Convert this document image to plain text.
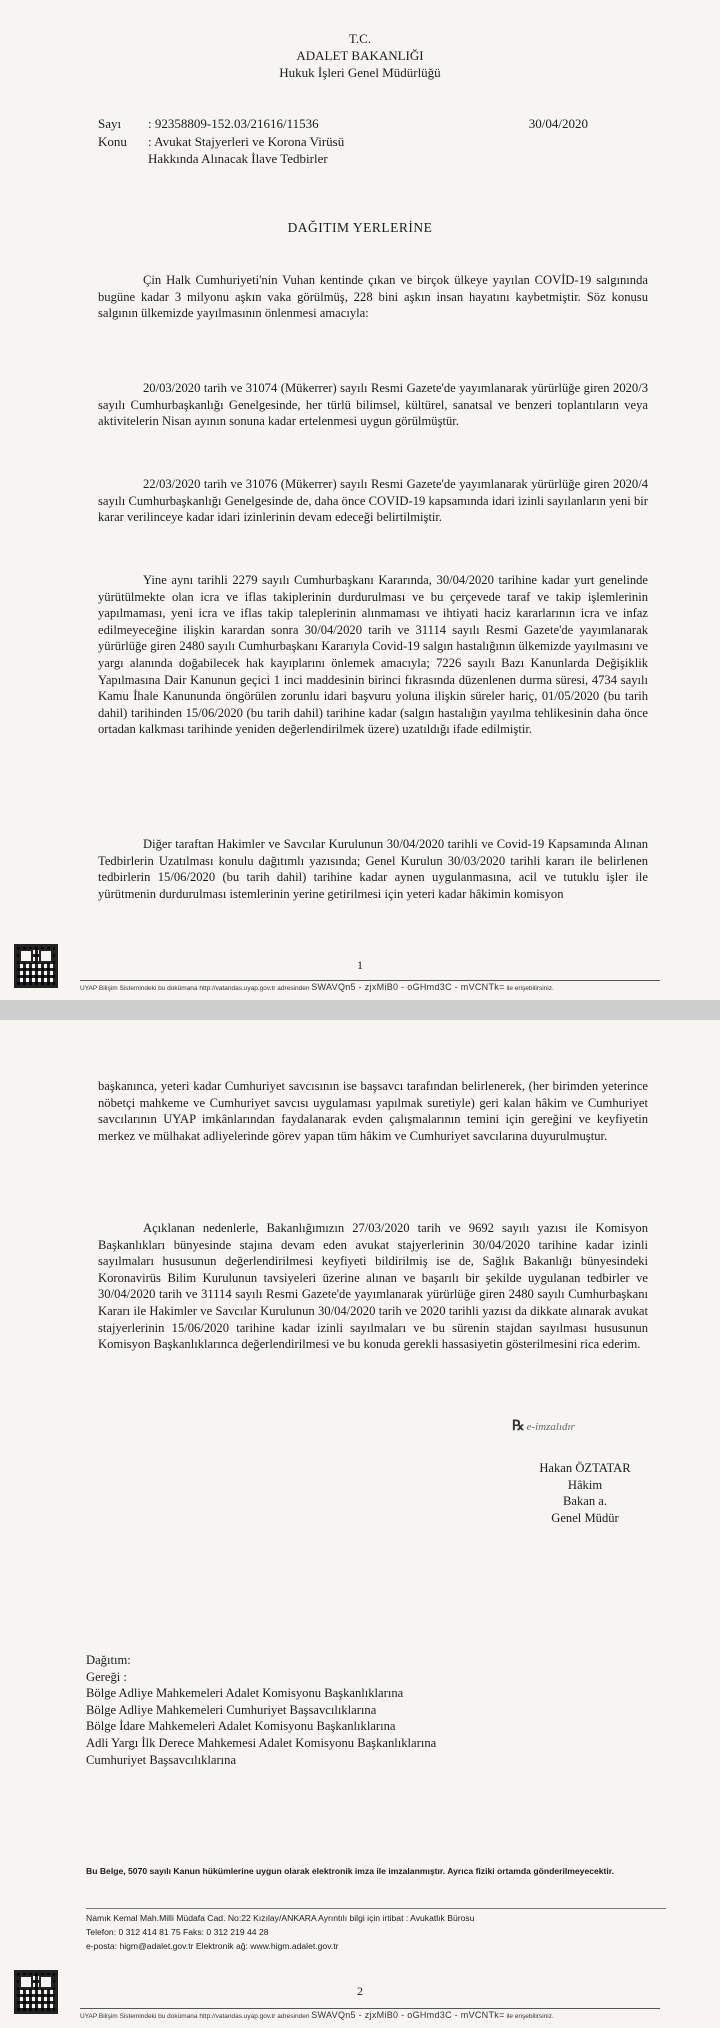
T.C.
ADALET BAKANLIĞI
Hukuk İşleri Genel Müdürlüğü
Sayı : 92358809-152.03/21616/11536	30/04/2020
Konu : Avukat Stajyerleri ve Korona Virüsü
Hakkında Alınacak İlave Tedbirler
DAĞITIM YERLERİNE
Çin Halk Cumhuriyeti'nin Vuhan kentinde çıkan ve birçok ülkeye yayılan COVİD-19 salgınında bugüne kadar 3 milyonu aşkın vaka görülmüş, 228 bini aşkın insan hayatını kaybetmiştir. Söz konusu salgının ülkemizde yayılmasının önlenmesi amacıyla:
20/03/2020 tarih ve 31074 (Mükerrer) sayılı Resmi Gazete'de yayımlanarak yürürlüğe giren 2020/3 sayılı Cumhurbaşkanlığı Genelgesinde, her türlü bilimsel, kültürel, sanatsal ve benzeri toplantıların veya aktivitelerin Nisan ayının sonuna kadar ertelenmesi uygun görülmüştür.
22/03/2020 tarih ve 31076 (Mükerrer) sayılı Resmi Gazete'de yayımlanarak yürürlüğe giren 2020/4 sayılı Cumhurbaşkanlığı Genelgesinde de, daha önce COVID-19 kapsamında idari izinli sayılanların yeni bir karar verilinceye kadar idari izinlerinin devam edeceği belirtilmiştir.
Yine aynı tarihli 2279 sayılı Cumhurbaşkanı Kararında, 30/04/2020 tarihine kadar yurt genelinde yürütülmekte olan icra ve iflas takiplerinin durdurulması ve bu çerçevede taraf ve takip işlemlerinin yapılmaması, yeni icra ve iflas takip taleplerinin alınmaması ve ihtiyati haciz kararlarının icra ve infaz edilmeyeceğine ilişkin karardan sonra 30/04/2020 tarih ve 31114 sayılı Resmi Gazete'de yayımlanarak yürürlüğe giren 2480 sayılı Cumhurbaşkanı Kararıyla Covid-19 salgın hastalığının ülkemizde yayılmasını ve yargı alanında doğabilecek hak kayıplarını önlemek amacıyla; 7226 sayılı Bazı Kanunlarda Değişiklik Yapılmasına Dair Kanunun geçici 1 inci maddesinin birinci fıkrasında düzenlenen durma süresi, 4734 sayılı Kamu İhale Kanununda öngörülen zorunlu idari başvuru yoluna ilişkin süreler hariç, 01/05/2020 (bu tarih dahil) tarihinden 15/06/2020 (bu tarih dahil) tarihine kadar (salgın hastalığın yayılma tehlikesinin daha önce ortadan kalkması tarihinde yeniden değerlendirilmek üzere) uzatıldığı ifade edilmiştir.
Diğer taraftan Hakimler ve Savcılar Kurulunun 30/04/2020 tarihli ve Covid-19 Kapsamında Alınan Tedbirlerin Uzatılması konulu dağıtımlı yazısında; Genel Kurulun 30/03/2020 tarihli kararı ile belirlenen tedbirlerin 15/06/2020 (bu tarih dahil) tarihine kadar aynen uygulanmasına, acil ve tutuklu işler ile yürütmenin durdurulması istemlerinin yerine getirilmesi için yeteri kadar hâkimin komisyon
1
UYAP Bilişim Sistemindeki bu dokümana http://vatandas.uyap.gov.tr adresinden SWAVQn5 - zjxMiB0 - oGHmd3C - mVCNTk= ile erişebilirsiniz.
başkanınca, yeteri kadar Cumhuriyet savcısının ise başsavcı tarafından belirlenerek, (her birimden yeterince nöbetçi mahkeme ve Cumhuriyet savcısı uygulaması yapılmak suretiyle) geri kalan hâkim ve Cumhuriyet savcılarının UYAP imkânlarından faydalanarak evden çalışmalarının temini için gereğini ve keyfiyetin merkez ve mülhakat adliyelerinde görev yapan tüm hâkim ve Cumhuriyet savcılarına duyurulmuştur.
Açıklanan nedenlerle, Bakanlığımızın 27/03/2020 tarih ve 9692 sayılı yazısı ile Komisyon Başkanlıkları bünyesinde stajına devam eden avukat stajyerlerinin 30/04/2020 tarihine kadar izinli sayılmaları hususunun değerlendirilmesi keyfiyeti bildirilmiş ise de, Sağlık Bakanlığı bünyesindeki Koronavirüs Bilim Kurulunun tavsiyeleri üzerine alınan ve başarılı bir şekilde uygulanan tedbirler ve 30/04/2020 tarih ve 31114 sayılı Resmi Gazete'de yayımlanarak yürürlüğe giren 2480 sayılı Cumhurbaşkanı Kararı ile Hakimler ve Savcılar Kurulunun 30/04/2020 tarih ve 2020 tarihli yazısı da dikkate alınarak avukat stajyerlerinin 15/06/2020 tarihine kadar izinli sayılmaları ve bu sürenin stajdan sayılması hususunun Komisyon Başkanlıklarınca değerlendirilmesi ve bu konuda gerekli hassasiyetin gösterilmesini rica ederim.
℞ e-imzalıdır
Hakan ÖZTATAR
Hâkim
Bakan a.
Genel Müdür
Dağıtım:
Gereği :
Bölge Adliye Mahkemeleri Adalet Komisyonu Başkanlıklarına
Bölge Adliye Mahkemeleri Cumhuriyet Başsavcılıklarına
Bölge İdare Mahkemeleri Adalet Komisyonu Başkanlıklarına
Adli Yargı İlk Derece Mahkemesi Adalet Komisyonu Başkanlıklarına
Cumhuriyet Başsavcılıklarına
Bu Belge, 5070 sayılı Kanun hükümlerine uygun olarak elektronik imza ile imzalanmıştır. Ayrıca fiziki ortamda gönderilmeyecektir.
Namık Kemal Mah.Milli Müdafa Cad. No:22 Kızılay/ANKARA Ayrıntılı bilgi için irtibat : Avukatlık Bürosu
Telefon: 0 312 414 81 75 Faks: 0 312 219 44 28
e-posta: higm@adalet.gov.tr Elektronik ağ: www.higm.adalet.gov.tr
2
UYAP Bilişim Sistemindeki bu dokümana http://vatandas.uyap.gov.tr adresinden SWAVQn5 - zjxMiB0 - oGHmd3C - mVCNTk= ile erişebilirsiniz.
